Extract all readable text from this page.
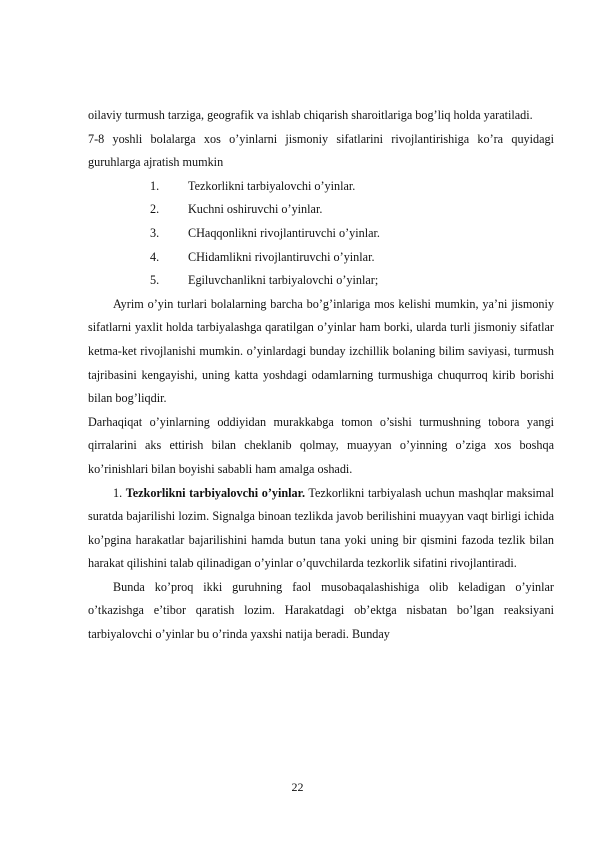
oilaviy turmush tarziga, geografik va ishlab chiqarish sharoitlariga bog’liq holda yaratiladi.

7-8 yoshli bolalarga xos o’yinlarni jismoniy sifatlarini rivojlantirishiga ko’ra quyidagi guruhlarga ajratish mumkin

1.	Tezkorlikni tarbiyalovchi o’yinlar.
2.	Kuchni oshiruvchi o’yinlar.
3.	CHaqqonlikni rivojlantiruvchi o’yinlar.
4.	CHidamlikni rivojlantiruvchi o’yinlar.
5.	Egiluvchanlikni tarbiyalovchi o’yinlar;

Ayrim o’yin turlari bolalarning barcha bo’g’inlariga mos kelishi mumkin, ya’ni jismoniy sifatlarni yaxlit holda tarbiyalashga qaratilgan o’yinlar ham borki, ularda turli jismoniy sifatlar ketma-ket rivojlanishi mumkin. o’yinlardagi bunday izchillik bolaning bilim saviyasi, turmush tajribasini kengayishi, uning katta yoshdagi odamlarning turmushiga chuqurroq kirib borishi bilan bog’liqdir.

Darhaqiqat o’yinlarning oddiyidan murakkabga tomon o’sishi turmushning tobora yangi qirralarini aks ettirish bilan cheklanib qolmay, muayyan o’yinning o’ziga xos boshqa ko’rinishlari bilan boyishi sababli ham amalga oshadi.

1. Tezkorlikni tarbiyalovchi o’yinlar. Tezkorlikni tarbiyalash uchun mashqlar maksimal suratda bajarilishi lozim. Signalga binoan tezlikda javob berilishini muayyan vaqt birligi ichida ko’pgina harakatlar bajarilishini hamda butun tana yoki uning bir qismini fazoda tezlik bilan harakat qilishini talab qilinadigan o’yinlar o’quvchilarda tezkorlik sifatini rivojlantiradi.

Bunda ko’proq ikki guruhning faol musobaqalashishiga olib keladigan o’yinlar o’tkazishga e’tibor qaratish lozim. Harakatdagi ob’ektga nisbatan bo’lgan reaksiyani tarbiyalovchi o’yinlar bu o’rinda yaxshi natija beradi. Bunday

22
